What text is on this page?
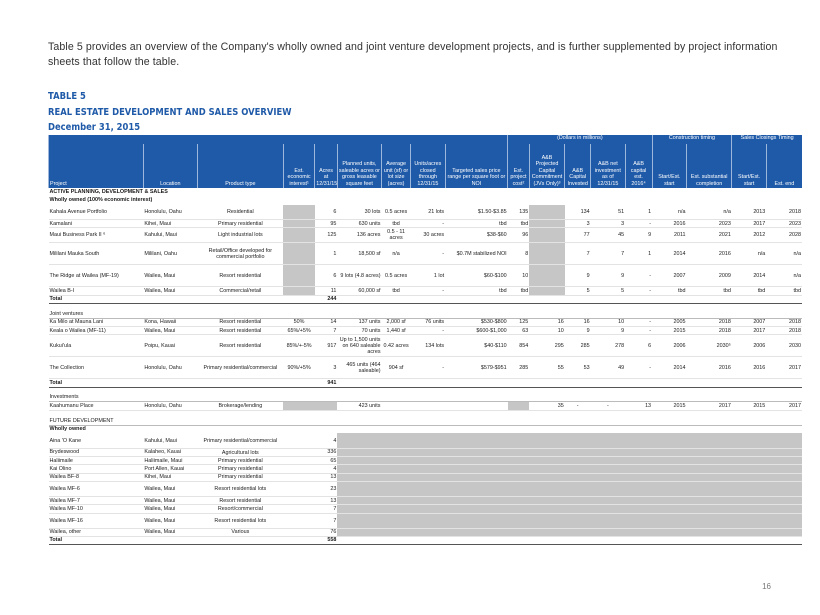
Table 5 provides an overview of the Company's wholly owned and joint venture development projects, and is further supplemented by project information sheets that follow the table.
TABLE 5
REAL ESTATE DEVELOPMENT AND SALES OVERVIEW
December 31, 2015
									(Dollars in millions)					Construction timing		Sales Closings Timing	
Project	Location	Product type	Est. economic interest¹	Acres at 12/31/15	Planned units, saleable acres or gross leasable square feet	Average unit (sf) or lot size (acres)	Units/acres closed through 12/31/15	Targeted sales price range per square foot or NOI	Est. project cost²	A&B Projected Capital Commitment (JVs Only)³	A&B Capital Invested	A&B net investment as of 12/31/15	A&B capital est. 2016⁴	Start/Est. start	Est. substantial completion	Start/Est. start	Est. end
ACTIVE PLANNING, DEVELOPMENT & SALES																	
Wholly owned (100% economic interest)																	
Kahala Avenue Portfolio	Honolulu, Oahu	Residential		6	30 lots	0.5 acres	21 lots	$1.50-$3.85	135		134	51	1	n/a	n/a	2013	2018
Kamalani	Kihei, Maui	Primary residential		95	630 units	tbd	-	tbd	tbd		3	3	-	2016	2023	2017	2023
Maui Business Park II ⁶	Kahului, Maui	Light industrial lots		125	136 acres	0.5 - 11 acres	30 acres	$38-$60	96		77	45	9	2011	2021	2012	2028
Mililani Mauka South	Mililani, Oahu	Retail/Office developed for commercial portfolio		1	18,500 sf	n/a	-	$0.7M stabilized NOI	8		7	7	1	2014	2016	n/a	n/a
The Ridge at Wailea (MF-19)	Wailea, Maui	Resort residential		6	9 lots (4.8 acres)	0.5 acres	1 lot	$60-$100	10		9	9	-	2007	2009	2014	n/a
Wailea B-I	Wailea, Maui	Commercial/retail		11	60,000 sf	tbd	-	tbd	tbd		5	5	-	tbd	tbd	tbd	tbd
Total				244													

Joint ventures																	
Ka Milo at Mauna Lani	Kona, Hawaii	Resort residential	50%	14	137 units	2,000 sf	76 units	$530-$800	125	16	16	10	-	2005	2018	2007	2018
Keala o Wailea (MF-11)	Wailea, Maui	Resort residential	65%/+5%	7	70 units	1,440 sf	-	$600-$1,000	63	10	9	9	-	2015	2018	2017	2018
Kukui'ula	Poipu, Kauai	Resort residential	85%/+-5%	917	Up to 1,500 units on 640 saleable acres	0.42 acres	134 lots	$40-$110	854	295	285	278	6	2006	2030⁵	2006	2030
The Collection	Honolulu, Oahu	Primary residential/commercial	90%/+5%	3	465 units (464 saleable)	904 sf	-	$579-$951	285	55	53	49	-	2014	2016	2016	2017
Total				941													

Investments																	
Kaahumanu Place	Honolulu, Oahu	Brokerage/lending			423 units					35	-	-	13	2015	2017	2015	2017

FUTURE DEVELOPMENT																	
Wholly owned																	
Aina 'O Kane	Kahului, Maui	Primary residential/commercial		4													
Brydeswood	Kalaheo, Kauai	Agricultural lots		336													
Haliimaile	Haliimaile, Maui	Primary residential		65													
Kai Olino	Port Allen, Kauai	Primary residential		4													
Wailea BF-8	Kihei, Maui	Primary residential		13													
Wailea MF-6	Wailea, Maui	Resort residential lots		23													
Wailea MF-7	Wailea, Maui	Resort residential		13													
Wailea MF-10	Wailea, Maui	Resort/commercial		7													
Wailea MF-16	Wailea, Maui	Resort residential lots		7													
Wailea, other	Wailea, Maui	Various		76													
Total				558													
16
